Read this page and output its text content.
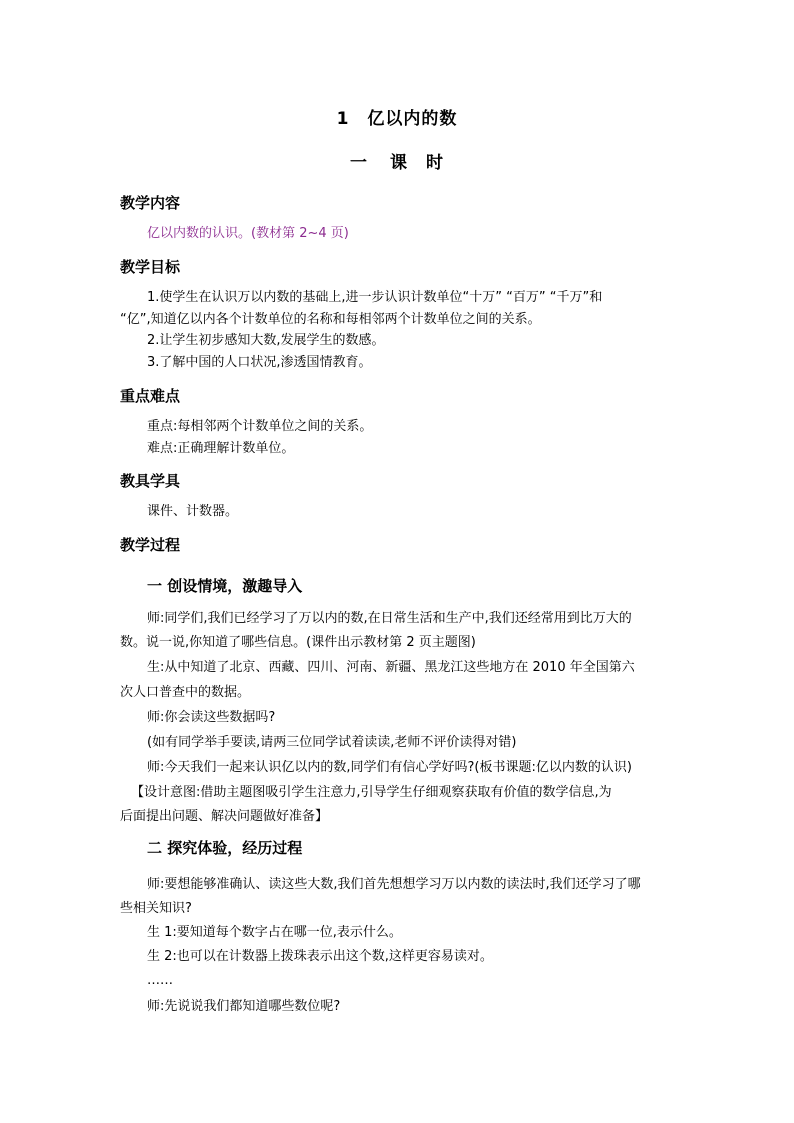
1　亿以内的数
一 课　时
教学内容
亿以内数的认识。(教材第 2~4 页)
教学目标
1.使学生在认识万以内数的基础上,进一步认识计数单位“十万” “百万” “千万”和
“亿”,知道亿以内各个计数单位的名称和每相邻两个计数单位之间的关系。
2.让学生初步感知大数,发展学生的数感。
3.了解中国的人口状况,渗透国情教育。
重点难点
重点:每相邻两个计数单位之间的关系。
难点:正确理解计数单位。
教具学具
课件、计数器。
教学过程
一 创设情境，激趣导入
师:同学们,我们已经学习了万以内的数,在日常生活和生产中,我们还经常用到比万大的
数。说一说,你知道了哪些信息。(课件出示教材第 2 页主题图)
生:从中知道了北京、西藏、四川、河南、新疆、黑龙江这些地方在 2010 年全国第六
次人口普查中的数据。
师:你会读这些数据吗?
(如有同学举手要读,请两三位同学试着读读,老师不评价读得对错)
师:今天我们一起来认识亿以内的数,同学们有信心学好吗?(板书课题:亿以内数的认识)
【设计意图:借助主题图吸引学生注意力,引导学生仔细观察获取有价值的数学信息,为
后面提出问题、解决问题做好准备】
二 探究体验，经历过程
师:要想能够准确认、读这些大数,我们首先想想学习万以内数的读法时,我们还学习了哪
些相关知识?
生 1:要知道每个数字占在哪一位,表示什么。
生 2:也可以在计数器上拨珠表示出这个数,这样更容易读对。
……
师:先说说我们都知道哪些数位呢?
